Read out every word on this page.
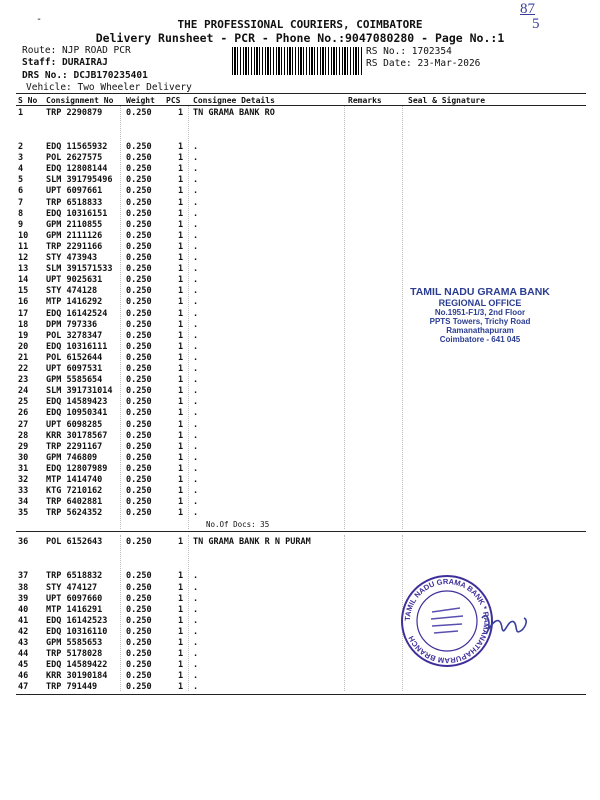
-	THE PROFESSIONAL COURIERS, COIMBATORE
Delivery Runsheet - PCR - Phone No.:9047080280 - Page No.:1
$\frac{87}{5}$
Route: NJP ROAD PCR
Staff: DURAIRAJ
DRS No.: DCJB170235401
Vehicle: Two Wheeler Delivery
RS No.: 1702354
RS Date: 23-Mar-2026
S No Consignment No Weight PCS Consignee Details	Remarks	Seal & Signature
1	TRP 2290879	0.250	1 TN GRAMA BANK RO
2	EDQ 11565932 0.250	1 .
3	POL 2627575	0.250	1 .
4	EDQ 12808144 0.250	1 .
5	SLM 391795496 0.250	1 .
6	UPT 6097661	0.250	1 .
7	TRP 6518833	0.250	1 .
8	EDQ 10316151 0.250	1 .
9	GPM 2110855	0.250	1 .
10 GPM 2111126	0.250	1 .
11 TRP 2291166	0.250	1 .
12 STY 473943	0.250	1 .
13 SLM 391571533 0.250	1 .
14 UPT 9025631	0.250	1 .
15 STY 474128	0.250	1 .
16 MTP 1416292	0.250	1 .
17 EDQ 16142524 0.250	1 .
18 DPM 797336	0.250	1 .
19 POL 3278347	0.250	1 .
20 EDQ 10316111 0.250	1 .
21 POL 6152644	0.250	1 .
22 UPT 6097531	0.250	1 .
23 GPM 5585654	0.250	1 .
24 SLM 391731014 0.250	1 .
25 EDQ 14589423 0.250	1 .
26 EDQ 10950341 0.250	1 .
27 UPT 6098285	0.250	1 .
28 KRR 30178567 0.250	1 .
29 TRP 2291167	0.250	1 .
30 GPM 746809	0.250	1 .
31 EDQ 12807989 0.250	1 .
32 MTP 1414740	0.250	1 .
33 KTG 7210162	0.250	1 .
34 TRP 6402881	0.250	1 .
35 TRP 5624352	0.250	1 .
No.Of Docs: 35
36 POL 6152643	0.250	1 TN GRAMA BANK R N PURAM
37 TRP 6518832	0.250	1 .
38 STY 474127	0.250	1 .
39 UPT 6097660	0.250	1 .
40 MTP 1416291	0.250	1 .
41 EDQ 16142523 0.250	1 .
42 EDQ 10316110 0.250	1 .
43 GPM 5585653	0.250	1 .
44 TRP 5178028	0.250	1 .
45 EDQ 14589422 0.250	1 .
46 KRR 30190184 0.250	1 .
47 TRP 791449	0.250	1 .
TAMIL NADU GRAMA BANK
REGIONAL OFFICE
No.1951-F1/3, 2nd Floor
PPTS Towers, Trichy Road
Ramanathapuram
Coimbatore - 641 045
TAMIL NADU GRAMA BANK * RAMANATHAPURAM BRANCH
